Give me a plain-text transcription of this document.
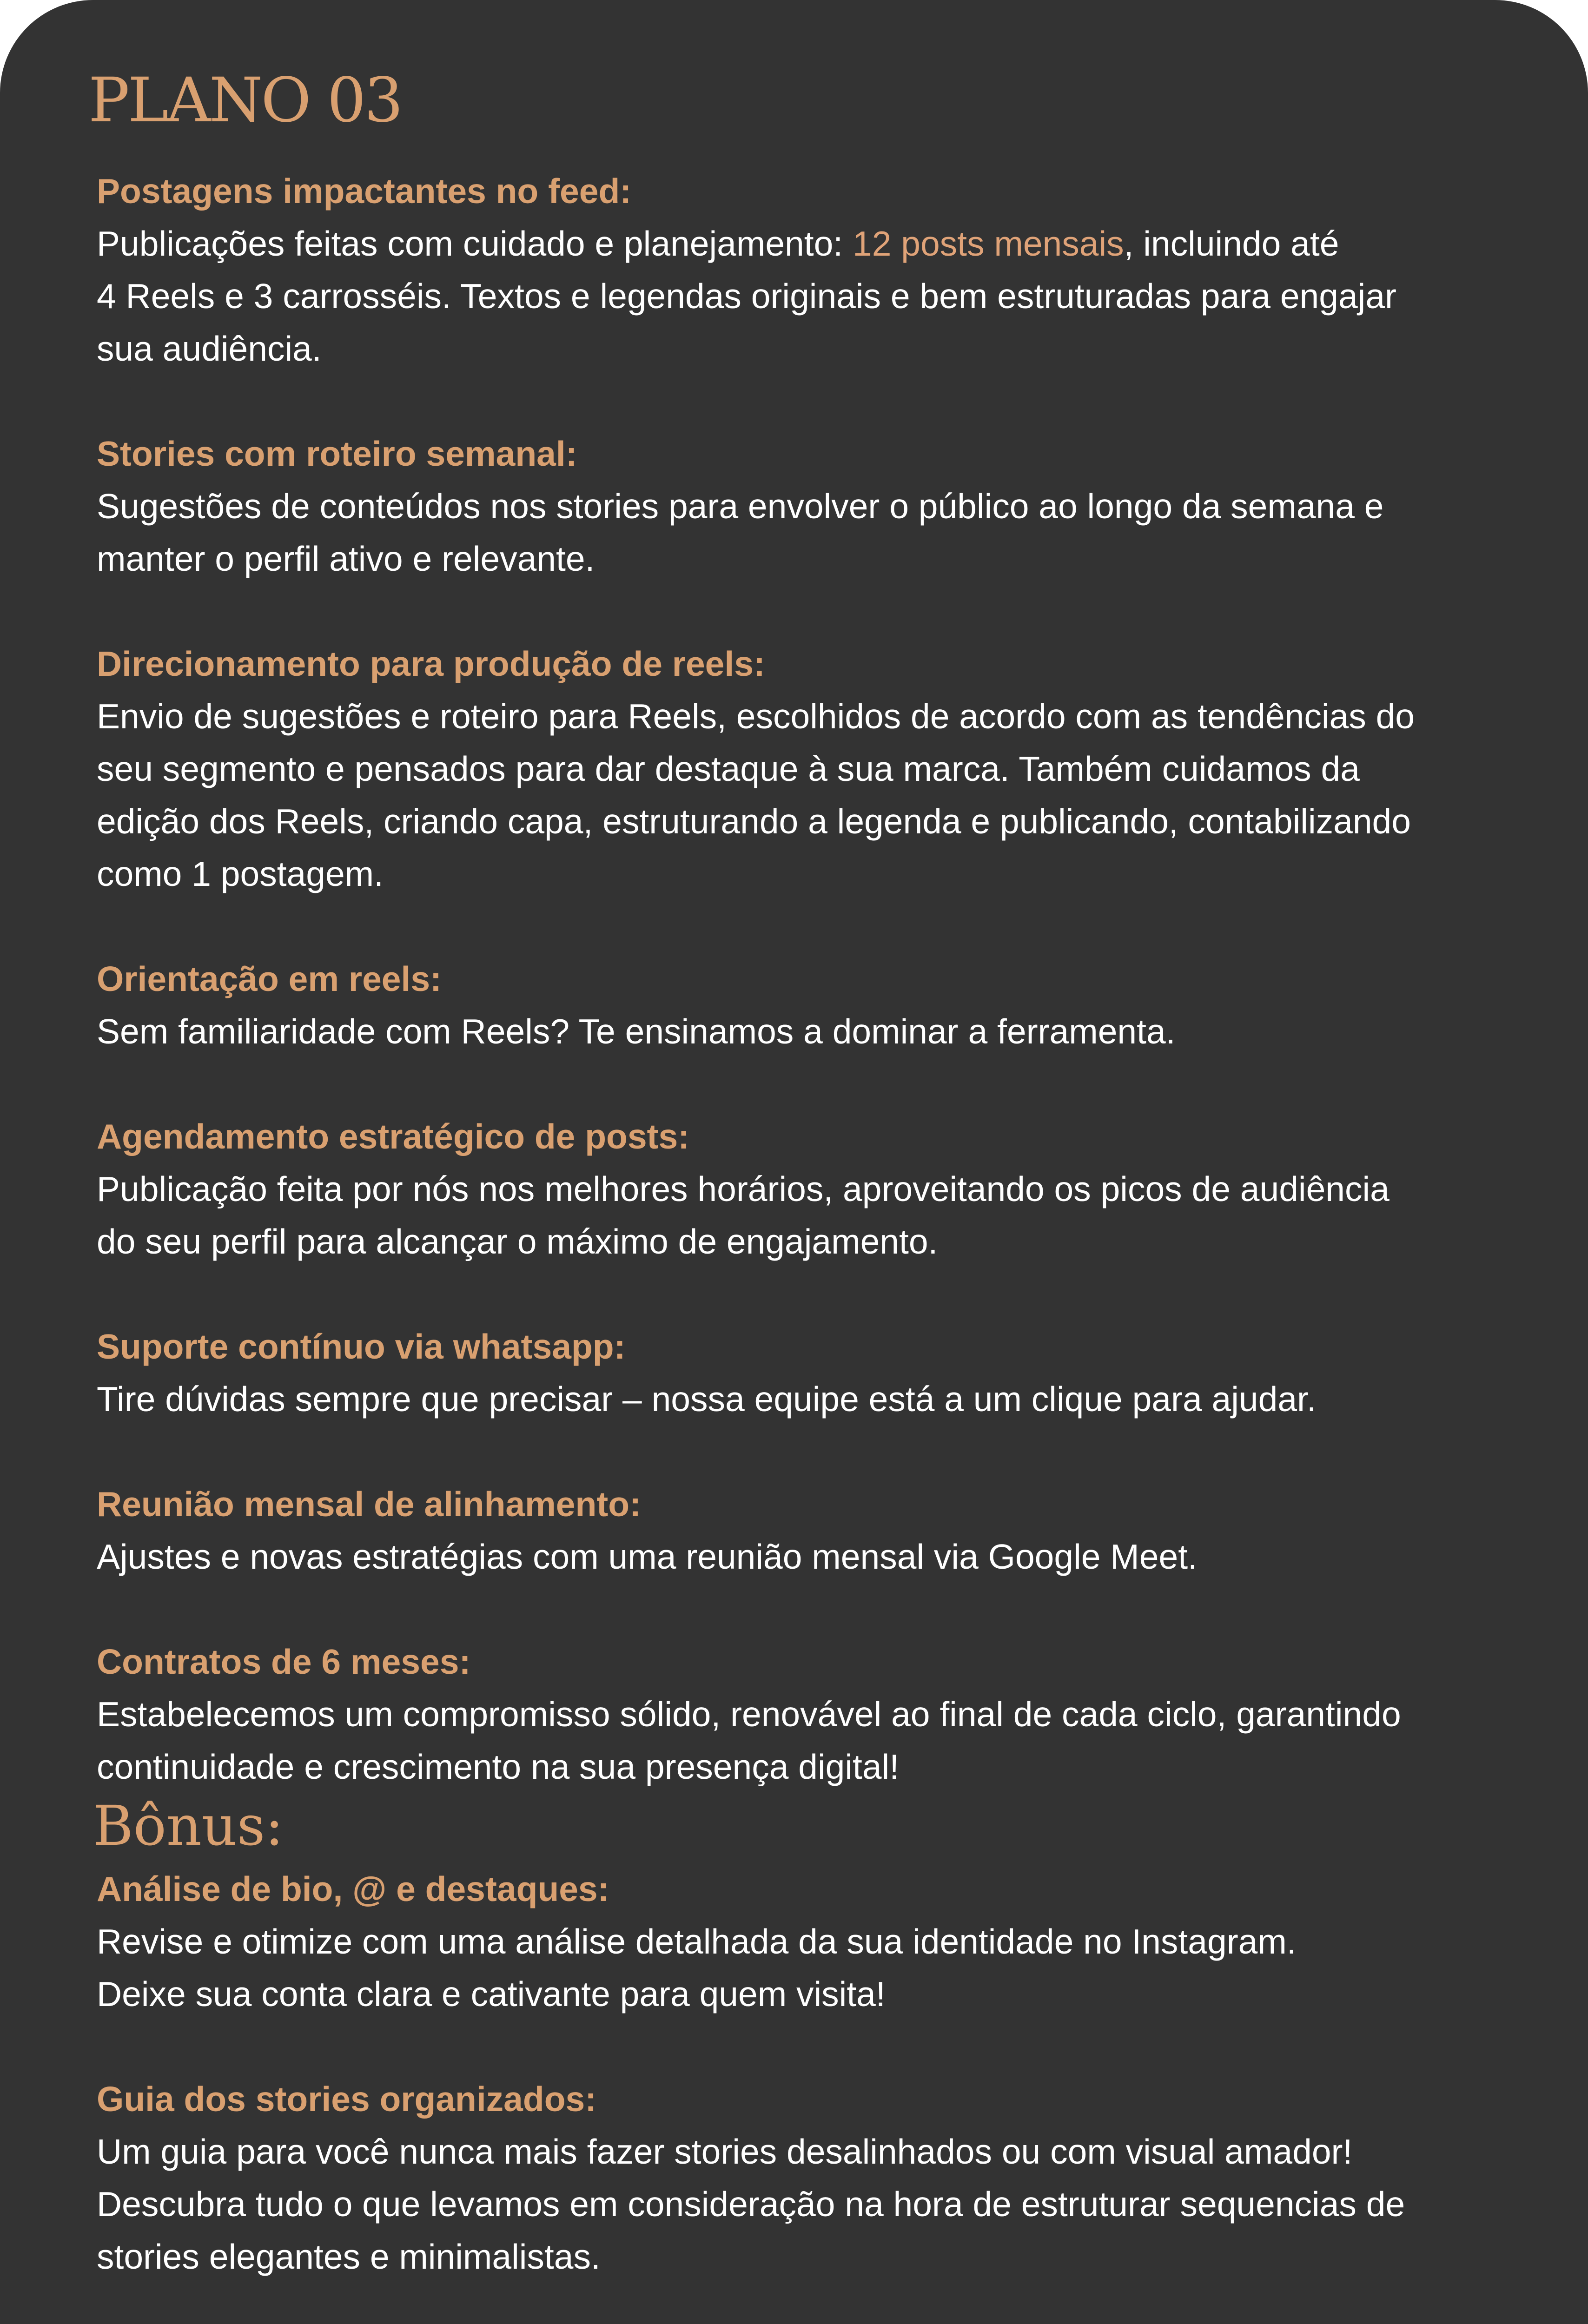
PLANO 03
Postagens impactantes no feed:
Publicações feitas com cuidado e planejamento: 12 posts mensais, incluindo até
4 Reels e 3 carrosséis. Textos e legendas originais e bem estruturadas para engajar
sua audiência.
Stories com roteiro semanal:
Sugestões de conteúdos nos stories para envolver o público ao longo da semana e
manter o perfil ativo e relevante.
Direcionamento para produção de reels:
Envio de sugestões e roteiro para Reels, escolhidos de acordo com as tendências do
seu segmento e pensados para dar destaque à sua marca. Também cuidamos da
edição dos Reels, criando capa, estruturando a legenda e publicando, contabilizando
como 1 postagem.
Orientação em reels:
Sem familiaridade com Reels? Te ensinamos a dominar a ferramenta.
Agendamento estratégico de posts:
Publicação feita por nós nos melhores horários, aproveitando os picos de audiência
do seu perfil para alcançar o máximo de engajamento.
Suporte contínuo via whatsapp:
Tire dúvidas sempre que precisar – nossa equipe está a um clique para ajudar.
Reunião mensal de alinhamento:
Ajustes e novas estratégias com uma reunião mensal via Google Meet.
Contratos de 6 meses:
Estabelecemos um compromisso sólido, renovável ao final de cada ciclo, garantindo
continuidade e crescimento na sua presença digital!
Bônus:
Análise de bio, @ e destaques:
Revise e otimize com uma análise detalhada da sua identidade no Instagram.
Deixe sua conta clara e cativante para quem visita!
Guia dos stories organizados:
Um guia para você nunca mais fazer stories desalinhados ou com visual amador!
Descubra tudo o que levamos em consideração na hora de estruturar sequencias de
stories elegantes e minimalistas.
